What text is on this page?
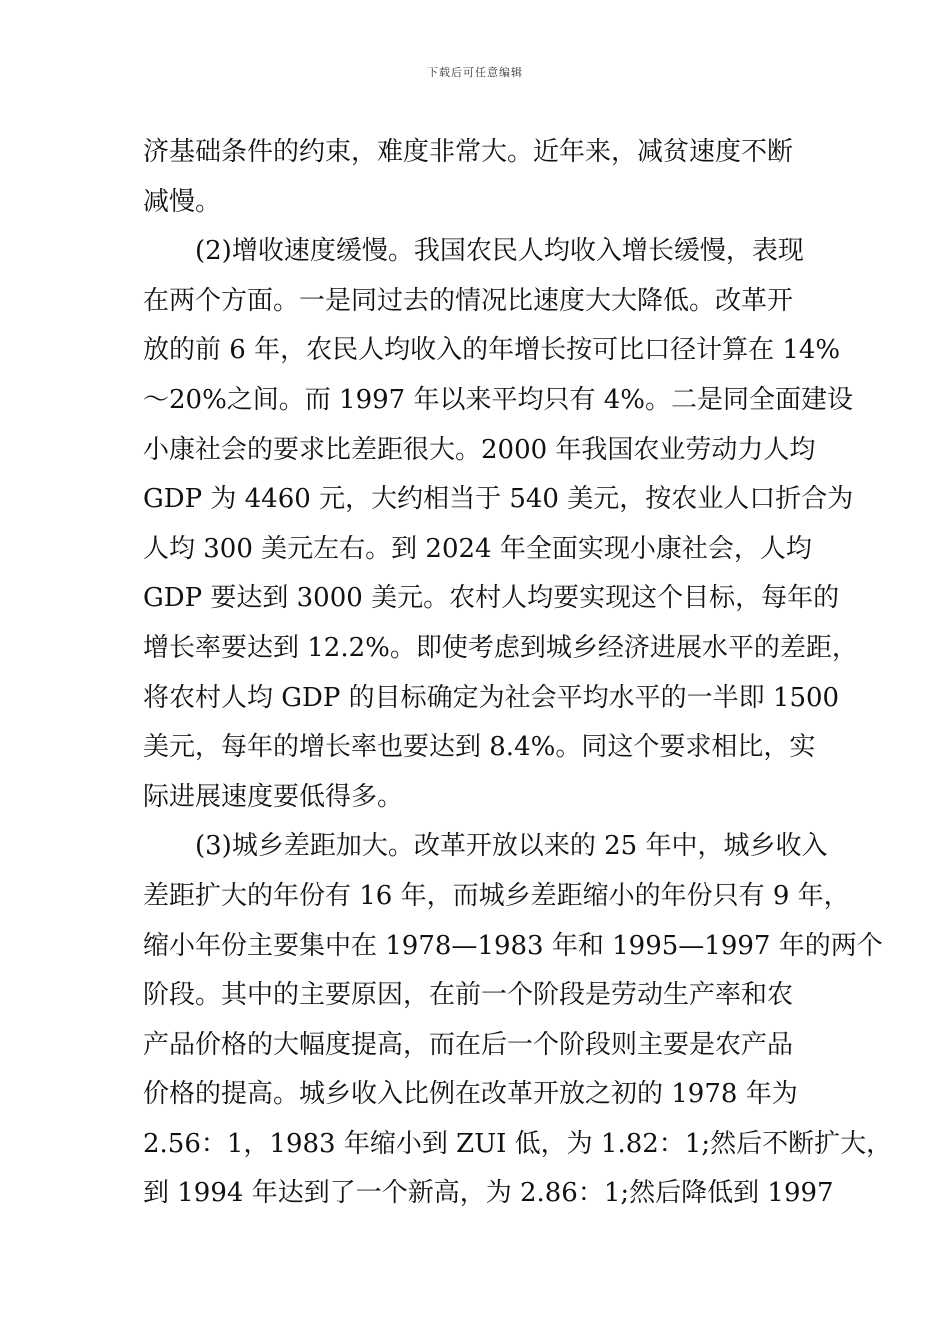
下载后可任意编辑
济基础条件的约束，难度非常大。近年来，减贫速度不断
减慢。
(2)增收速度缓慢。我国农民人均收入增长缓慢，表现
在两个方面。一是同过去的情况比速度大大降低。改革开
放的前 6 年，农民人均收入的年增长按可比口径计算在 14%
～20%之间。而 1997 年以来平均只有 4%。二是同全面建设
小康社会的要求比差距很大。2000 年我国农业劳动力人均
GDP 为 4460 元，大约相当于 540 美元，按农业人口折合为
人均 300 美元左右。到 2024 年全面实现小康社会，人均
GDP 要达到 3000 美元。农村人均要实现这个目标，每年的
增长率要达到 12.2%。即使考虑到城乡经济进展水平的差距，
将农村人均 GDP 的目标确定为社会平均水平的一半即 1500
美元，每年的增长率也要达到 8.4%。同这个要求相比，实
际进展速度要低得多。
(3)城乡差距加大。改革开放以来的 25 年中，城乡收入
差距扩大的年份有 16 年，而城乡差距缩小的年份只有 9 年，
缩小年份主要集中在 1978—1983 年和 1995—1997 年的两个
阶段。其中的主要原因，在前一个阶段是劳动生产率和农
产品价格的大幅度提高，而在后一个阶段则主要是农产品
价格的提高。城乡收入比例在改革开放之初的 1978 年为
2.56：1，1983 年缩小到 ZUI 低，为 1.82：1;然后不断扩大，
到 1994 年达到了一个新高，为 2.86：1;然后降低到 1997
